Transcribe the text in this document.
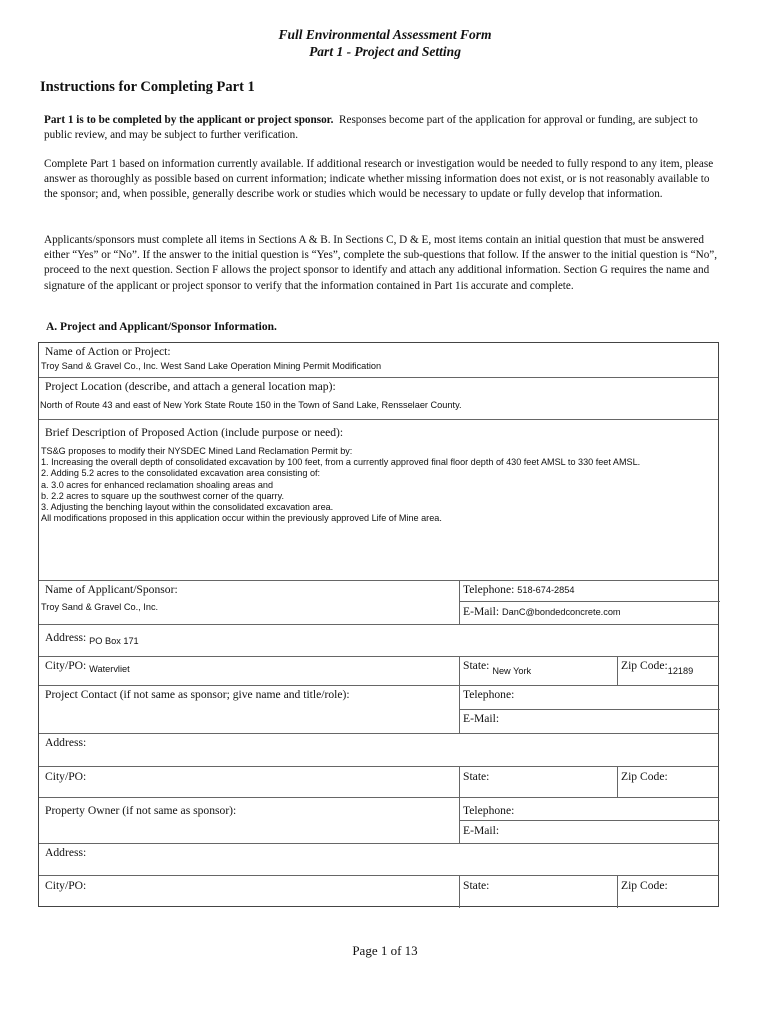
Full Environmental Assessment Form
Part 1 - Project and Setting
Instructions for Completing Part 1

Part 1 is to be completed by the applicant or project sponsor. Responses become part of the application for approval or funding, are subject to public review, and may be subject to further verification.

Complete Part 1 based on information currently available. If additional research or investigation would be needed to fully respond to any item, please answer as thoroughly as possible based on current information; indicate whether missing information does not exist, or is not reasonably available to the sponsor; and, when possible, generally describe work or studies which would be necessary to update or fully develop that information.

Applicants/sponsors must complete all items in Sections A & B. In Sections C, D & E, most items contain an initial question that must be answered either “Yes” or “No”. If the answer to the initial question is “Yes”, complete the sub-questions that follow. If the answer to the initial question is “No”, proceed to the next question. Section F allows the project sponsor to identify and attach any additional information. Section G requires the name and signature of the applicant or project sponsor to verify that the information contained in Part 1is accurate and complete.

A. Project and Applicant/Sponsor Information.
Name of Action or Project:
Troy Sand & Gravel Co., Inc. West Sand Lake Operation Mining Permit Modification
Project Location (describe, and attach a general location map):
North of Route 43 and east of New York State Route 150 in the Town of Sand Lake, Rensselaer County.
Brief Description of Proposed Action (include purpose or need):
TS&G proposes to modify their NYSDEC Mined Land Reclamation Permit by:
1. Increasing the overall depth of consolidated excavation by 100 feet, from a currently approved final floor depth of 430 feet AMSL to 330 feet AMSL.
2. Adding 5.2 acres to the consolidated excavation area consisting of:
a. 3.0 acres for enhanced reclamation shoaling areas and
b. 2.2 acres to square up the southwest corner of the quarry.
3. Adjusting the benching layout within the consolidated excavation area.
All modifications proposed in this application occur within the previously approved Life of Mine area.
Name of Applicant/Sponsor:
Troy Sand & Gravel Co., Inc.
Telephone: 518-674-2854
E-Mail: DanC@bondedconcrete.com
Address: $_{PO Box 171}$
City/PO: $_{Watervliet}$	State: $_{New York}$	Zip $Code:_{12189}$
Project Contact (if not same as sponsor; give name and title/role):	Telephone:
E-Mail:
Address:
City/PO:	State:	Zip Code:
Property Owner (if not same as sponsor):	Telephone:
E-Mail:
Address:
City/PO:	State:	Zip Code:
Page 1 of 13
